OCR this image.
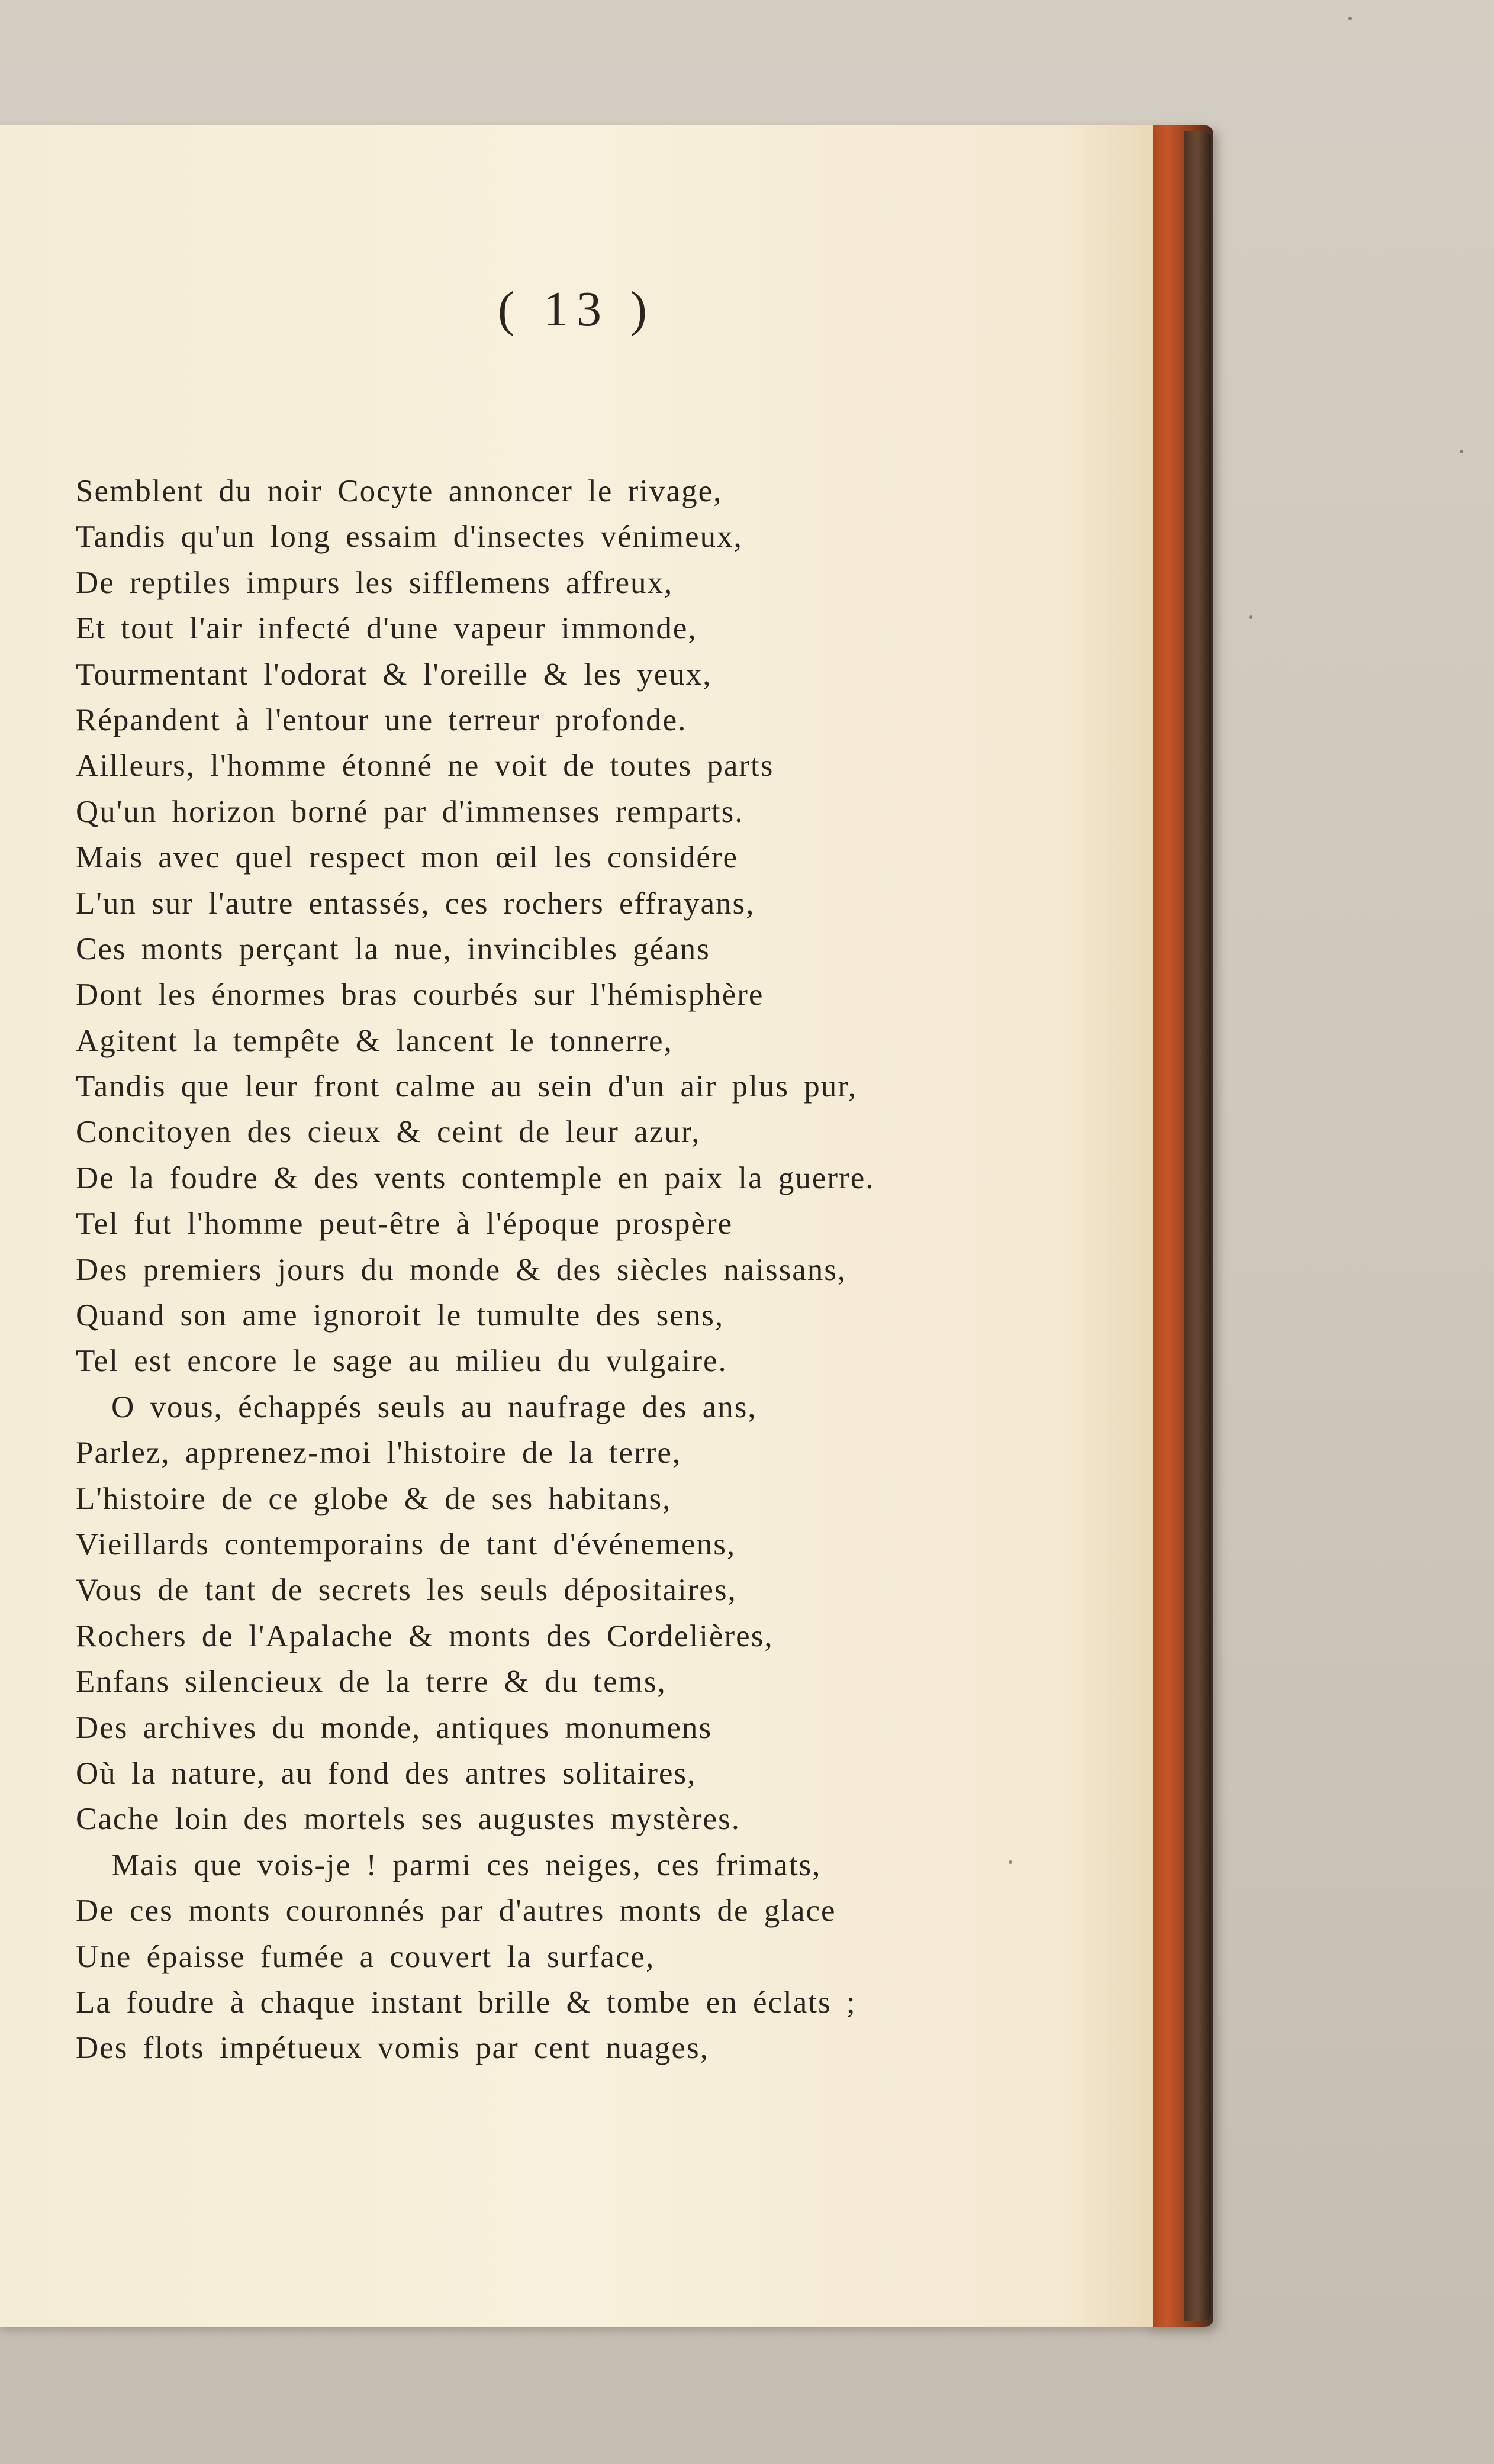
( 13 )
Semblent du noir Cocyte annoncer le rivage,
Tandis qu'un long essaim d'insectes vénimeux,
De reptiles impurs les sifflemens affreux,
Et tout l'air infecté d'une vapeur immonde,
Tourmentant l'odorat & l'oreille & les yeux,
Répandent à l'entour une terreur profonde.
Ailleurs, l'homme étonné ne voit de toutes parts
Qu'un horizon borné par d'immenses remparts.
Mais avec quel respect mon œil les considére
L'un sur l'autre entassés, ces rochers effrayans,
Ces monts perçant la nue, invincibles géans
Dont les énormes bras courbés sur l'hémisphère
Agitent la tempête & lancent le tonnerre,
Tandis que leur front calme au sein d'un air plus pur,
Concitoyen des cieux & ceint de leur azur,
De la foudre & des vents contemple en paix la guerre.
Tel fut l'homme peut-être à l'époque prospère
Des premiers jours du monde & des siècles naissans,
Quand son ame ignoroit le tumulte des sens,
Tel est encore le sage au milieu du vulgaire.
O vous, échappés seuls au naufrage des ans,
Parlez, apprenez-moi l'histoire de la terre,
L'histoire de ce globe & de ses habitans,
Vieillards contemporains de tant d'événemens,
Vous de tant de secrets les seuls dépositaires,
Rochers de l'Apalache & monts des Cordelières,
Enfans silencieux de la terre & du tems,
Des archives du monde, antiques monumens
Où la nature, au fond des antres solitaires,
Cache loin des mortels ses augustes mystères.
Mais que vois-je ! parmi ces neiges, ces frimats,
De ces monts couronnés par d'autres monts de glace
Une épaisse fumée a couvert la surface,
La foudre à chaque instant brille & tombe en éclats ;
Des flots impétueux vomis par cent nuages,
